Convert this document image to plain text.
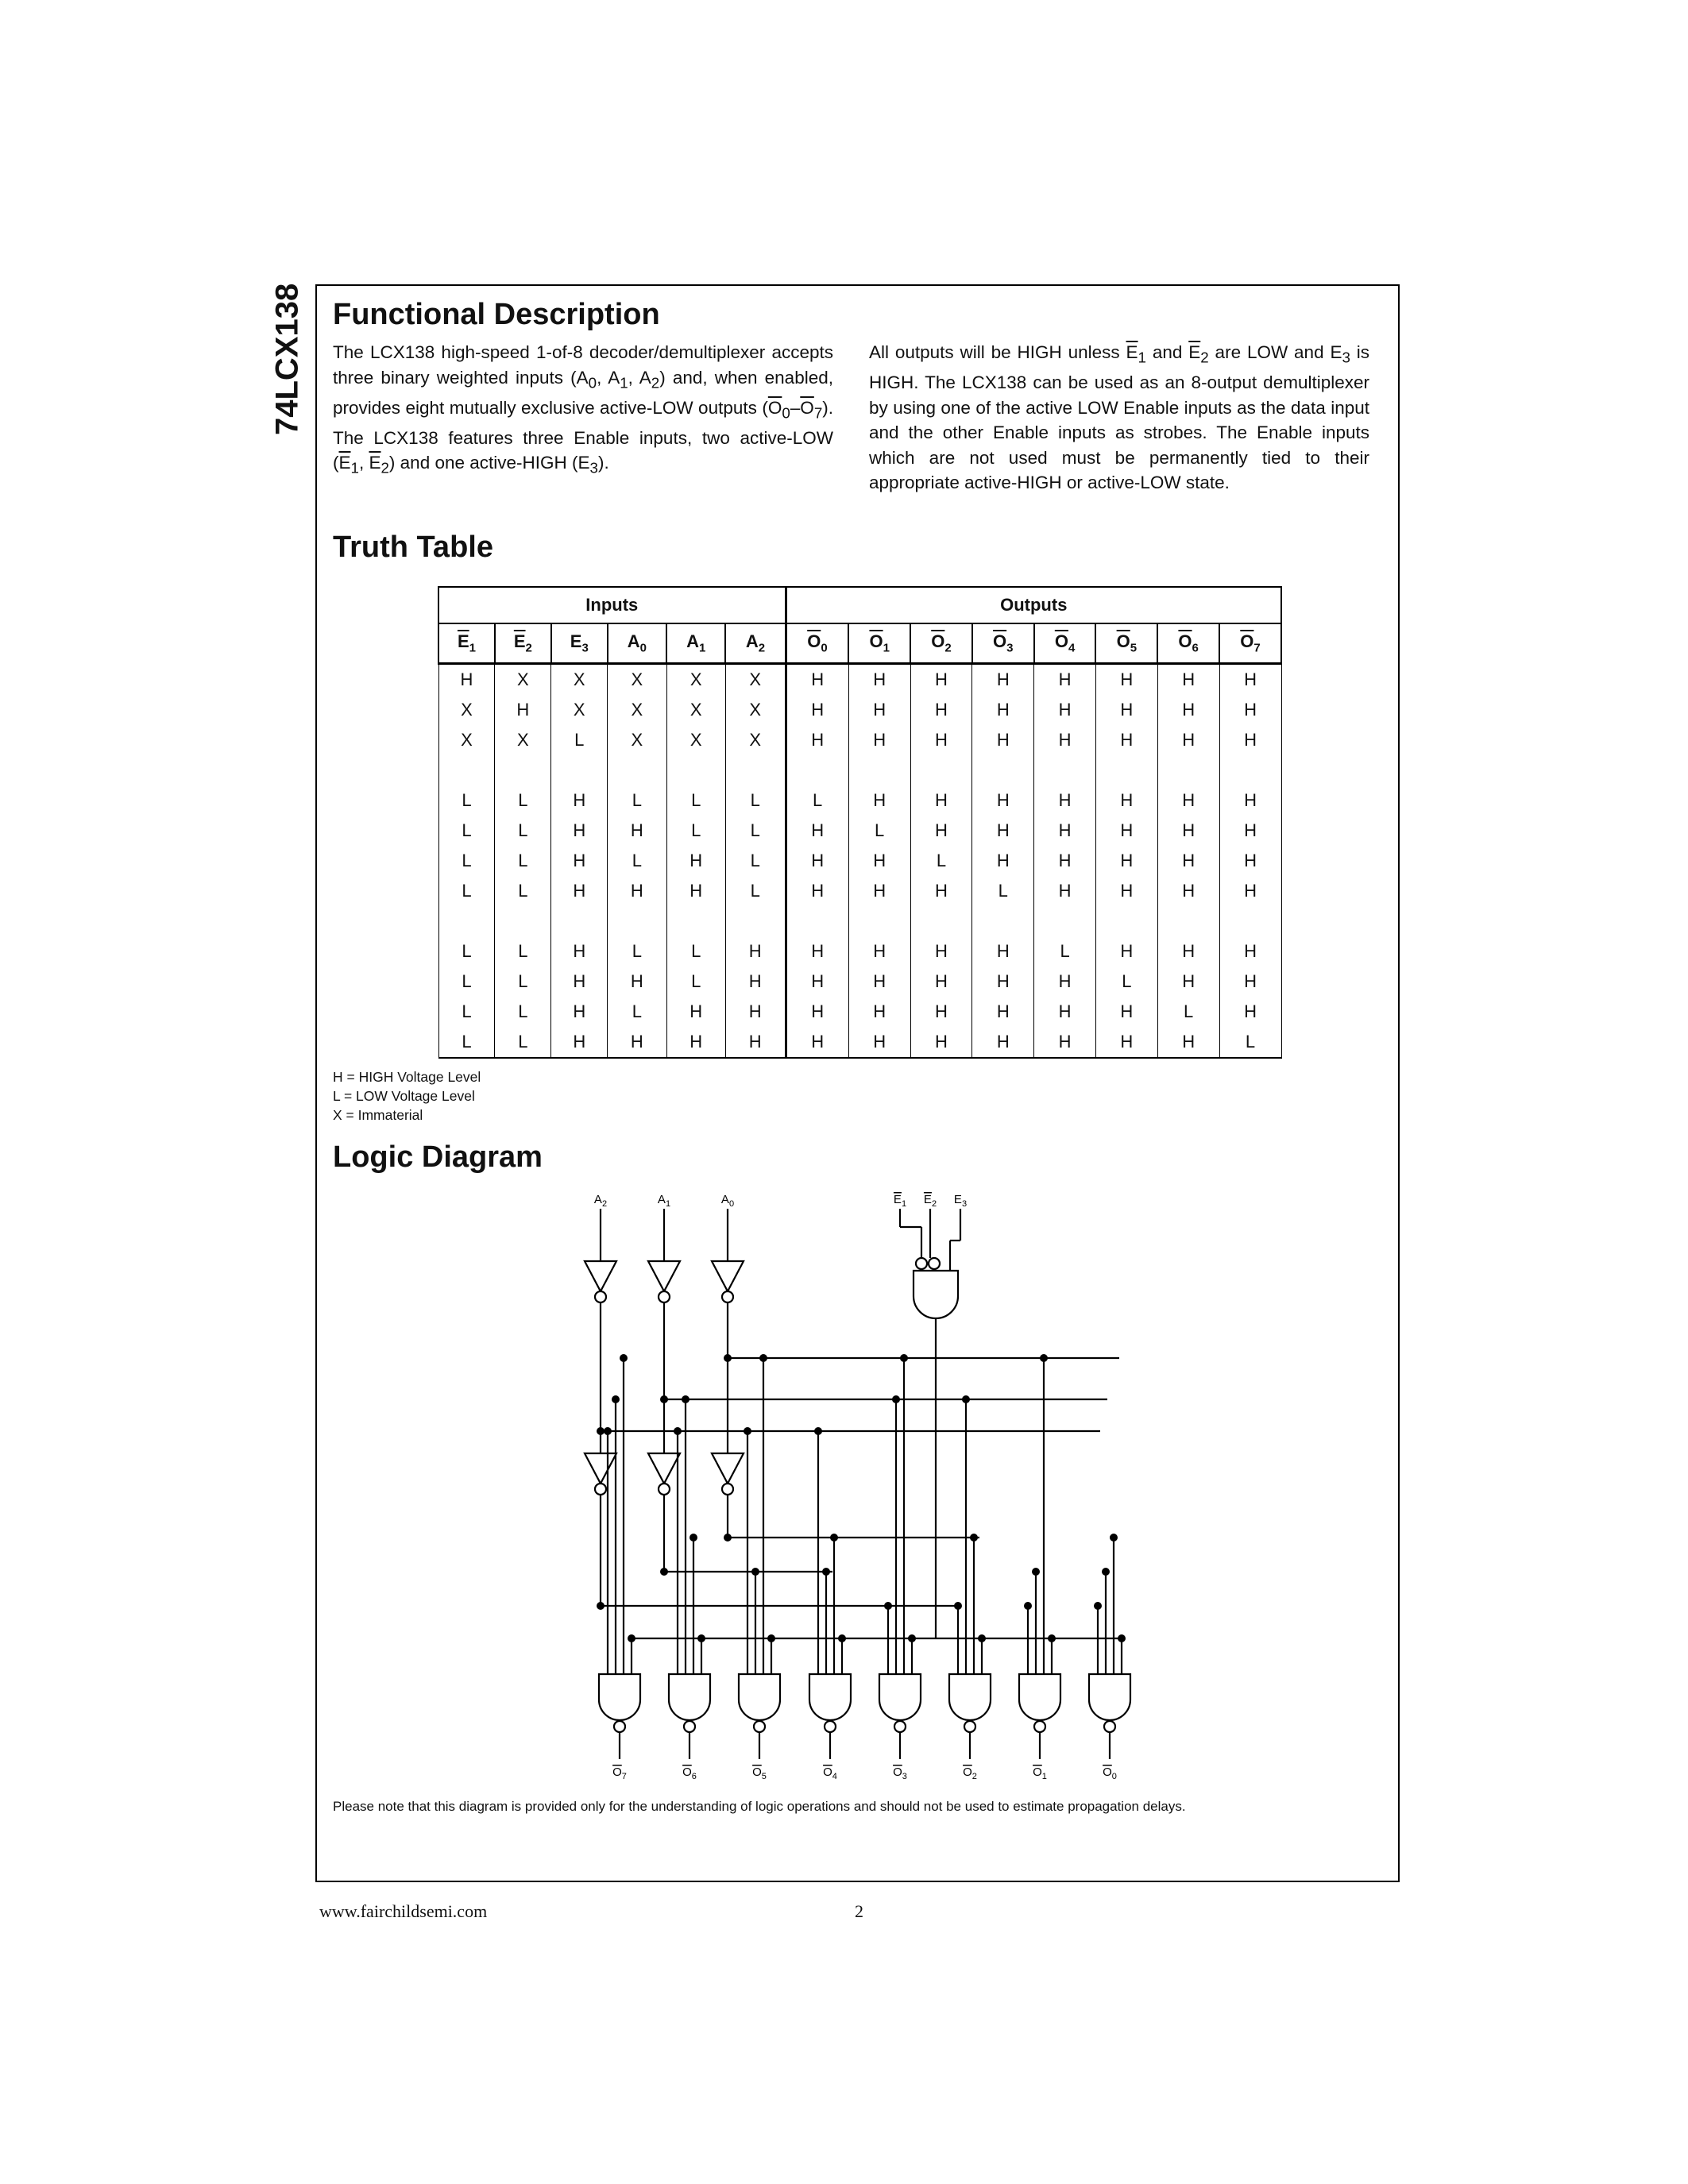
74LCX138 Functional Description
The LCX138 high-speed 1-of-8 decoder/demultiplexer accepts three binary weighted inputs ($A_0$, $A_1$, $A_2$) and, when enabled, provides eight mutually exclusive active-LOW outputs $(\overline{O}_0-\overline{O}_7)$. The LCX138 features three Enable inputs, two active-LOW ($\overline{E}_1$, $\overline{E}_2$) and one active-HIGH $(E_3)$.
All outputs will be HIGH unless $\overline{E}_1$ and $\overline{E}_2$ are LOW and $E_3$ is HIGH. The LCX138 can be used as an 8-output demultiplexer by using one of the active LOW Enable inputs as the data input and the other Enable inputs as strobes. The Enable inputs which are not used must be permanently tied to their appropriate active-HIGH or active-LOW state.
Truth Table
Inputs						Outputs							
$\overline{E}_1$	$\overline{E}_2$	$E_3$	$A_0$	$A_1$	$A_2$	$\overline{O}_0$	$\overline{O}_1$	$\overline{O}_2$	$\overline{O}_3$	$\overline{O}_4$	$\overline{O}_5$	$\overline{O}_6$	$\overline{O}_7$
H	X	X	X	X	X	H	H	H	H	H	H	H	H
X	H	X	X	X	X	H	H	H	H	H	H	H	H
X	X	L	X	X	X	H	H	H	H	H	H	H	H

L	L	H	L	L	L	L	H	H	H	H	H	H	H
L	L	H	H	L	L	H	L	H	H	H	H	H	H
L	L	H	L	H	L	H	H	L	H	H	H	H	H
L	L	H	H	H	L	H	H	H	L	H	H	H	H

L	L	H	L	L	H	H	H	H	H	L	H	H	H
L	L	H	H	L	H	H	H	H	H	H	L	H	H
L	L	H	L	H	H	H	H	H	H	H	H	L	H
L	L	H	H	H	H	H	H	H	H	H	H	H	L
H = HIGH Voltage Level
L = LOW Voltage Level
X = Immaterial
Logic Diagram
$A_2$	$A_1$	$A_0$	$E_1$ $E_2$ $E_3$
$O_7$	$O_6$	$O_5$	$O_4$	$O_3$	$O_2$	$O_1$	$O_0$
Please note that this diagram is provided only for the understanding of logic operations and should not be used to estimate propagation delays.
www.fairchildsemi.com	2
